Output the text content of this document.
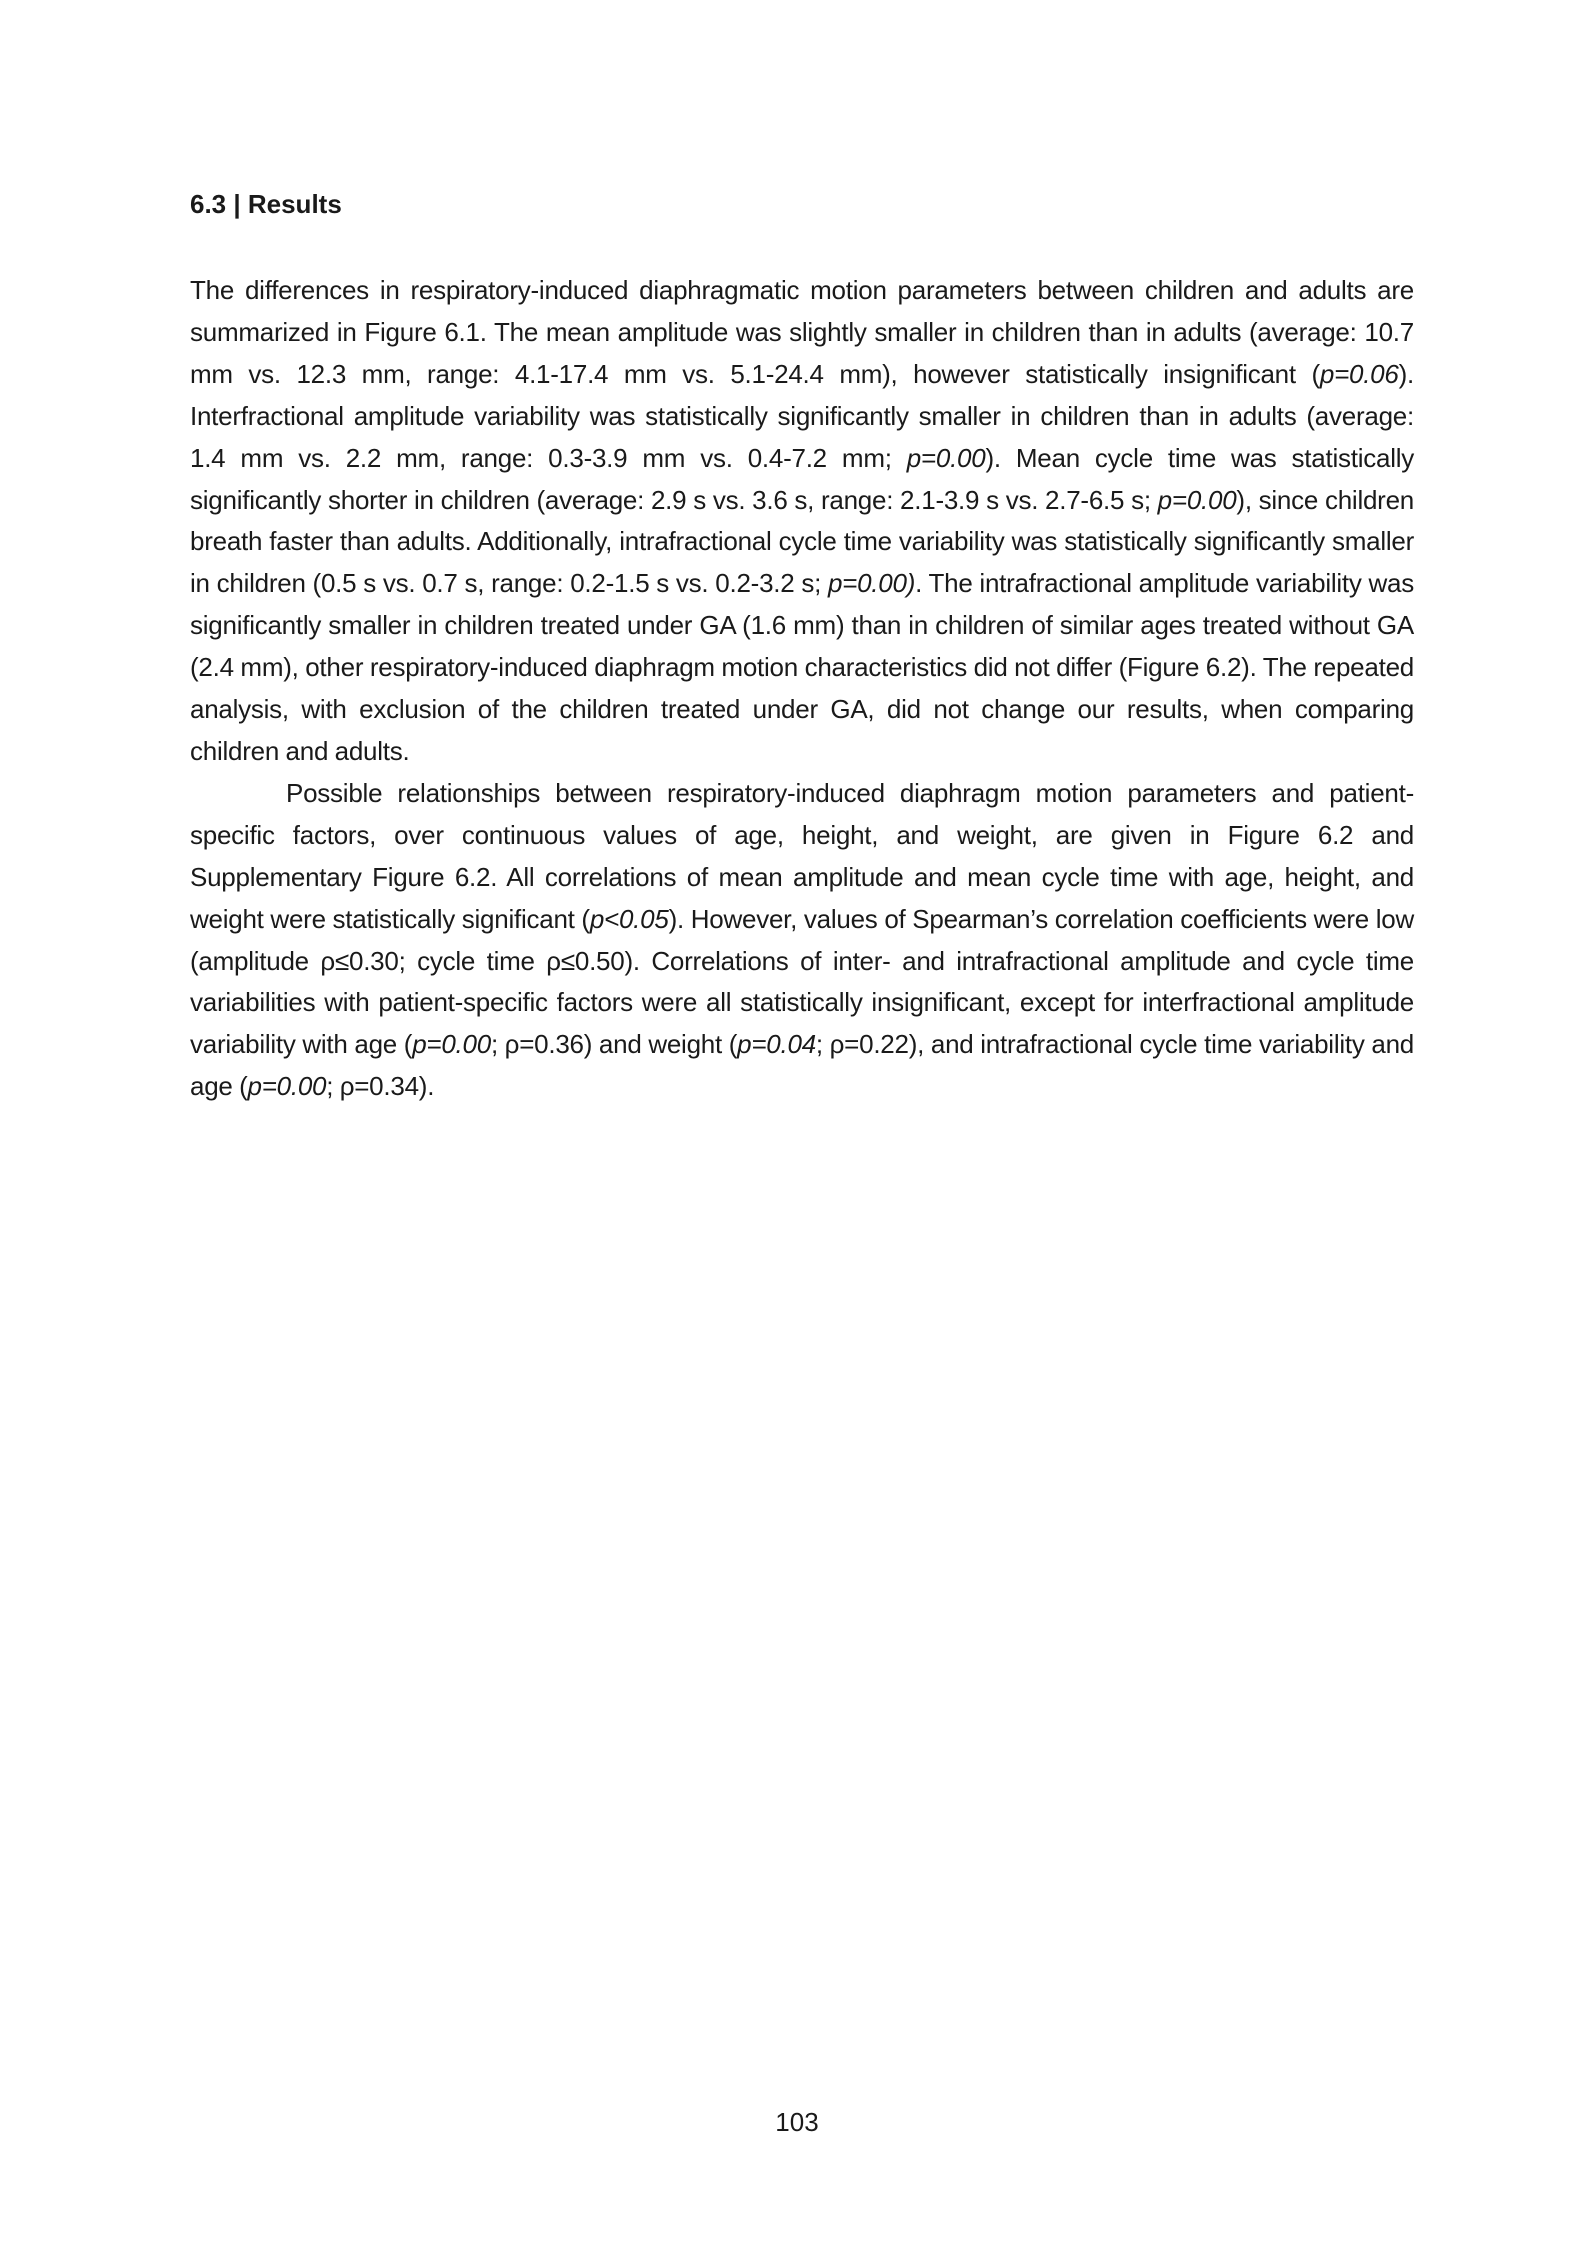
6.3 | Results

The differences in respiratory-induced diaphragmatic motion parameters between children and adults are summarized in Figure 6.1. The mean amplitude was slightly smaller in children than in adults (average: 10.7 mm vs. 12.3 mm, range: 4.1-17.4 mm vs. 5.1-24.4 mm), however statistically insignificant (p=0.06). Interfractional amplitude variability was statistically significantly smaller in children than in adults (average: 1.4 mm vs. 2.2 mm, range: 0.3-3.9 mm vs. 0.4-7.2 mm; p=0.00). Mean cycle time was statistically significantly shorter in children (average: 2.9 s vs. 3.6 s, range: 2.1-3.9 s vs. 2.7-6.5 s; p=0.00), since children breath faster than adults. Additionally, intrafractional cycle time variability was statistically significantly smaller in children (0.5 s vs. 0.7 s, range: 0.2-1.5 s vs. 0.2-3.2 s; p=0.00). The intrafractional amplitude variability was significantly smaller in children treated under GA (1.6 mm) than in children of similar ages treated without GA (2.4 mm), other respiratory-induced diaphragm motion characteristics did not differ (Figure 6.2). The repeated analysis, with exclusion of the children treated under GA, did not change our results, when comparing children and adults.

Possible relationships between respiratory-induced diaphragm motion parameters and patient-specific factors, over continuous values of age, height, and weight, are given in Figure 6.2 and Supplementary Figure 6.2. All correlations of mean amplitude and mean cycle time with age, height, and weight were statistically significant (p<0.05). However, values of Spearman’s correlation coefficients were low (amplitude ρ≤0.30; cycle time ρ≤0.50). Correlations of inter- and intrafractional amplitude and cycle time variabilities with patient-specific factors were all statistically insignificant, except for interfractional amplitude variability with age (p=0.00; ρ=0.36) and weight (p=0.04; ρ=0.22), and intrafractional cycle time variability and age (p=0.00; ρ=0.34).

103
